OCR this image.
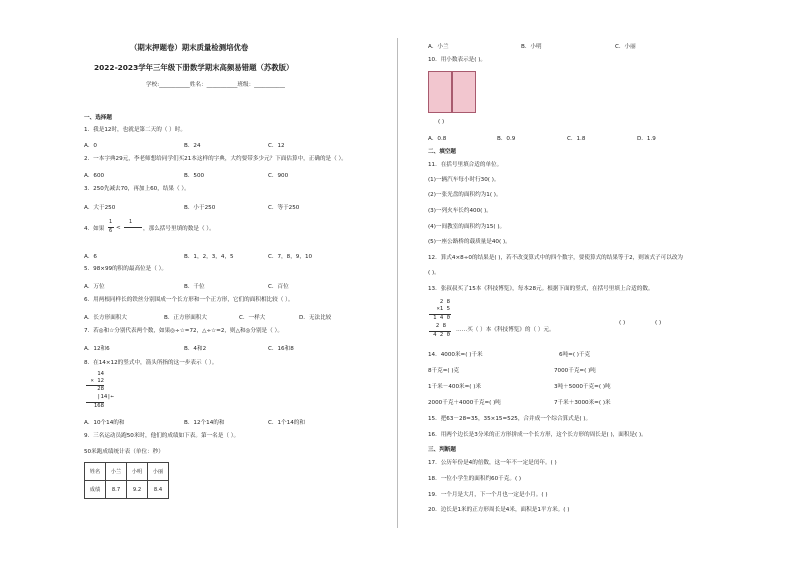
（期末押题卷）期末质量检测培优卷
2022-2023学年三年级下册数学期末高频易错题（苏教版）
学校:___________姓名：___________班级：___________
一、选择题
1．我是12时，也就是第二天的（ ）时。
A．0	B．24	C．12
2．一本字典29元，李老师想给同学们买21本这样的字典，大约要带多少元？下面估算中，正确的是（ ）。
A．600	B．500	C．900
3．250先减去70，再加上60，结果（ ）。
A．大于250	B．小于250	C．等于250
4．如果
1
6 <
1
，那么括号里填的数是（ ）。
A．6	B．1，2，3，4，5	C．7，8，9，10
5．98×99的积的最高位是（ ）。
A．万位	B．千位	C．百位
6．用两根同样长的铁丝分别围成一个长方形和一个正方形，它们的面积相比较（ ）。
A．长方形面积大	B．正方形面积大	C．一样大	D．无法比较
7．若◎和☆分别代表两个数，如果◎÷☆=72，△÷☆=2，则△和◎分别是（ ）。
A．12和6	B．4和2	C．16和8
8．在14×12的竖式中，箭头所指的这一步表示（ ）。
14
× 12
28
|14|←
168
A．10个14的和	B．12个14的和	C．1个14的和
9．三名运动员跑50米时，他们的成绩如下表。第一名是（ ）。
50米跑成绩统计表（单位：秒）
姓名	小兰	小明	小丽
成绩	8.7	9.2	8.4
A．小兰	B．小明	C．小丽
10．用小数表示是( )。
( )
A．0.8	B．0.9	C．1.8	D．1.9
二、填空题
11．在括号里填合适的单位。
(1)一辆汽车每小时行30( )。
(2)一张光盘的面积约为1( )。
(3)一列火车长约400( )。
(4)一间教室的面积约为15( )。
(5)一座公路桥的载质量是40( )。
12．算式4×8÷0的结果是( )，若不改变算式中的四个数字，要使算式的结果等于2，则该式子可以改为
( )。
13．张叔叔买了15本《科技博览》，每本28元。根据下面的竖式，在括号里填上合适的数。
2 8
×1 5
1 4 0
2 8
4 2 0
……买（ ）本《科技博览》的（ ）元。
( )	( )
14．4000米=( )千米	6吨=( )千克
8千克=( )克	7000千克=( )吨
1千米－400米=( )米	3吨＋5000千克=( )吨
2000千克＋4000千克=( )吨	7千米＋3000米=( )米
15．把63－28=35，35×15=525，合并成一个综合算式是( )。
16．用两个边长是3分米的正方形拼成一个长方形，这个长方形的周长是( )，面积是( )。
三、判断题
17．公历年份是4的倍数，这一年不一定是闰年。( )
18．一位小学生的面积约60千克。( )
19．一个月是大月，下一个月也一定是小月。( )
20．边长是1米的正方形周长是4米，面积是1平方米。( )
